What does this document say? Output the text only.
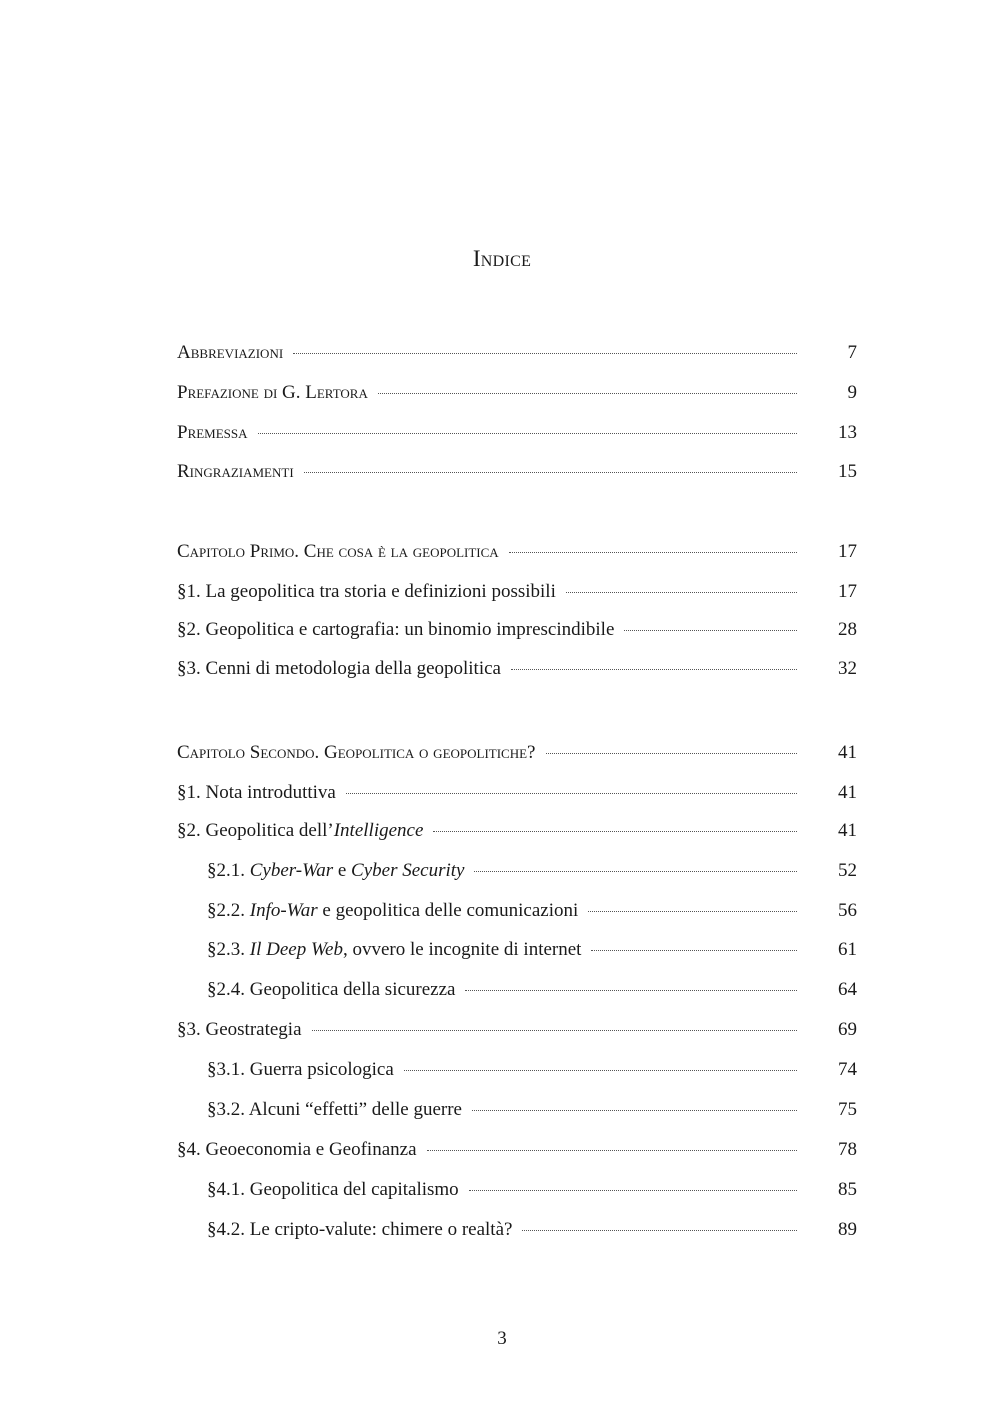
Indice
Abbreviazioni	7
Prefazione di G. Lertora	9
Premessa	13
Ringraziamenti	15
Capitolo Primo. Che cosa è la geopolitica	17
§1. La geopolitica tra storia e definizioni possibili	17
§2. Geopolitica e cartografia: un binomio imprescindibile	28
§3. Cenni di metodologia della geopolitica	32
Capitolo Secondo. Geopolitica o geopolitiche?	41
§1. Nota introduttiva	41
§2. Geopolitica dell’Intelligence	41
§2.1. Cyber-War e Cyber Security	52
§2.2. Info-War e geopolitica delle comunicazioni	56
§2.3. Il Deep Web, ovvero le incognite di internet	61
§2.4. Geopolitica della sicurezza	64
§3. Geostrategia	69
§3.1. Guerra psicologica	74
§3.2. Alcuni “effetti” delle guerre	75
§4. Geoeconomia e Geofinanza	78
§4.1. Geopolitica del capitalismo	85
§4.2. Le cripto-valute: chimere o realtà?	89
3
